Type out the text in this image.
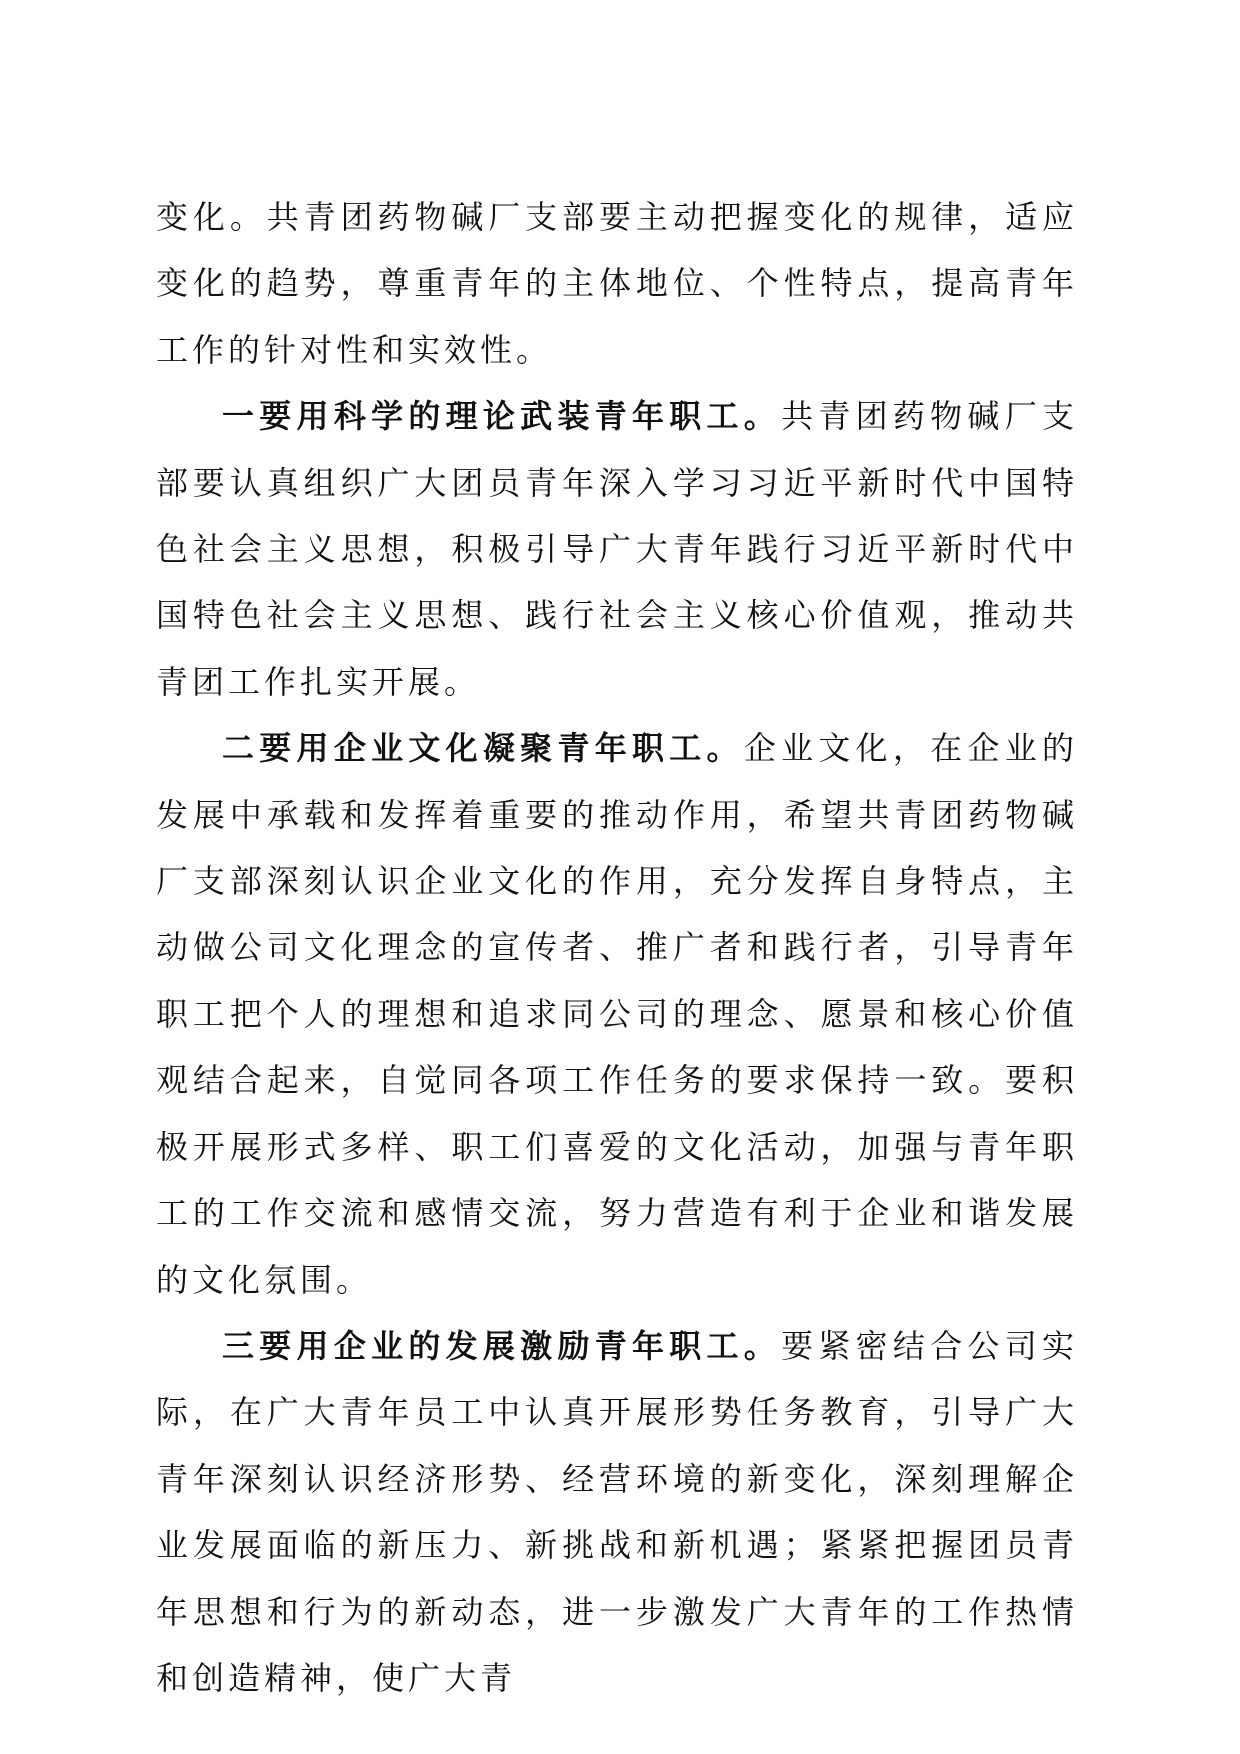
变化。共青团药物碱厂支部要主动把握变化的规律，适应变化的趋势，尊重青年的主体地位、个性特点，提高青年工作的针对性和实效性。

一要用科学的理论武装青年职工。共青团药物碱厂支部要认真组织广大团员青年深入学习习近平新时代中国特色社会主义思想，积极引导广大青年践行习近平新时代中国特色社会主义思想、践行社会主义核心价值观，推动共青团工作扎实开展。

二要用企业文化凝聚青年职工。企业文化，在企业的发展中承载和发挥着重要的推动作用，希望共青团药物碱厂支部深刻认识企业文化的作用，充分发挥自身特点，主动做公司文化理念的宣传者、推广者和践行者，引导青年职工把个人的理想和追求同公司的理念、愿景和核心价值观结合起来，自觉同各项工作任务的要求保持一致。要积极开展形式多样、职工们喜爱的文化活动，加强与青年职工的工作交流和感情交流，努力营造有利于企业和谐发展的文化氛围。

三要用企业的发展激励青年职工。要紧密结合公司实际，在广大青年员工中认真开展形势任务教育，引导广大青年深刻认识经济形势、经营环境的新变化，深刻理解企业发展面临的新压力、新挑战和新机遇；紧紧把握团员青年思想和行为的新动态，进一步激发广大青年的工作热情和创造精神，使广大青
